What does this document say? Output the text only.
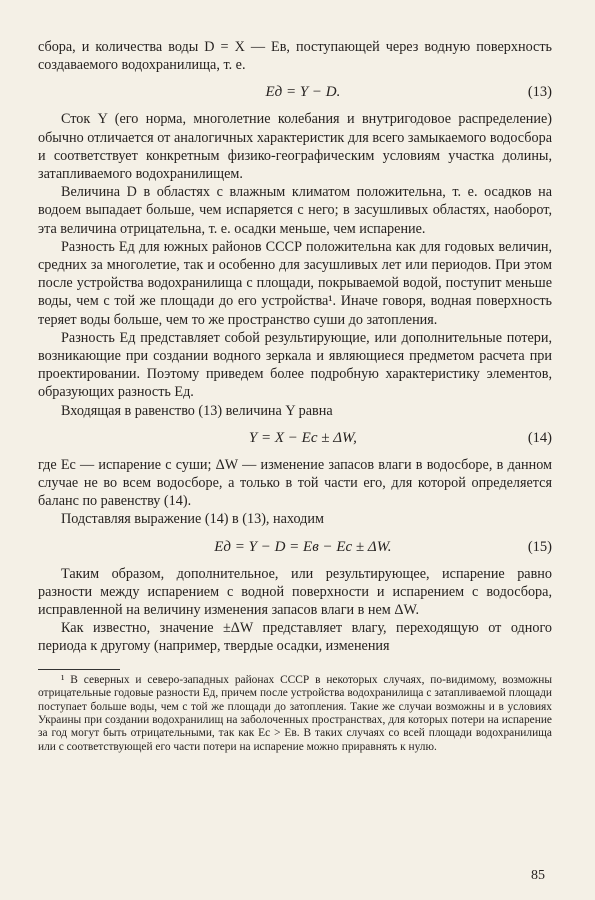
сбора, и количества воды D = X — Eв, поступающей через водную поверхность создаваемого водохранилища, т. е.

Eд = Y − D.	(13)

Сток Y (его норма, многолетние колебания и внутригодовое распределение) обычно отличается от аналогичных характеристик для всего замыкаемого водосбора и соответствует конкретным физико-географическим условиям участка долины, затапливаемого водохранилищем.

Величина D в областях с влажным климатом положительна, т. е. осадков на водоем выпадает больше, чем испаряется с него; в засушливых областях, наоборот, эта величина отрицательна, т. е. осадки меньше, чем испарение.

Разность Eд для южных районов СССР положительна как для годовых величин, средних за многолетие, так и особенно для засушливых лет или периодов. При этом после устройства водохранилища с площади, покрываемой водой, поступит меньше воды, чем с той же площади до его устройства¹. Иначе говоря, водная поверхность теряет воды больше, чем то же пространство суши до затопления.

Разность Eд представляет собой результирующие, или дополнительные потери, возникающие при создании водного зеркала и являющиеся предметом расчета при проектировании. Поэтому приведем более подробную характеристику элементов, образующих разность Eд.

Входящая в равенство (13) величина Y равна

Y = X − Eс ± ΔW,	(14)

где Eс — испарение с суши; ΔW — изменение запасов влаги в водосборе, в данном случае не во всем водосборе, а только в той части его, для которой определяется баланс по равенству (14).

Подставляя выражение (14) в (13), находим

Eд = Y − D = Eв − Eс ± ΔW.	(15)

Таким образом, дополнительное, или результирующее, испарение равно разности между испарением с водной поверхности и испарением с водосбора, исправленной на величину изменения запасов влаги в нем ΔW.

Как известно, значение ±ΔW представляет влагу, переходящую от одного периода к другому (например, твердые осадки, изменения

¹ В северных и северо-западных районах СССР в некоторых случаях, по-видимому, возможны отрицательные годовые разности Eд, причем после устройства водохранилища с затапливаемой площади поступает больше воды, чем с той же площади до затопления. Такие же случаи возможны и в условиях Украины при создании водохранилищ на заболоченных пространствах, для которых потери на испарение за год могут быть отрицательными, так как Eс > Eв. В таких случаях со всей площади водохранилища или с соответствующей его части потери на испарение можно приравнять к нулю.

85
